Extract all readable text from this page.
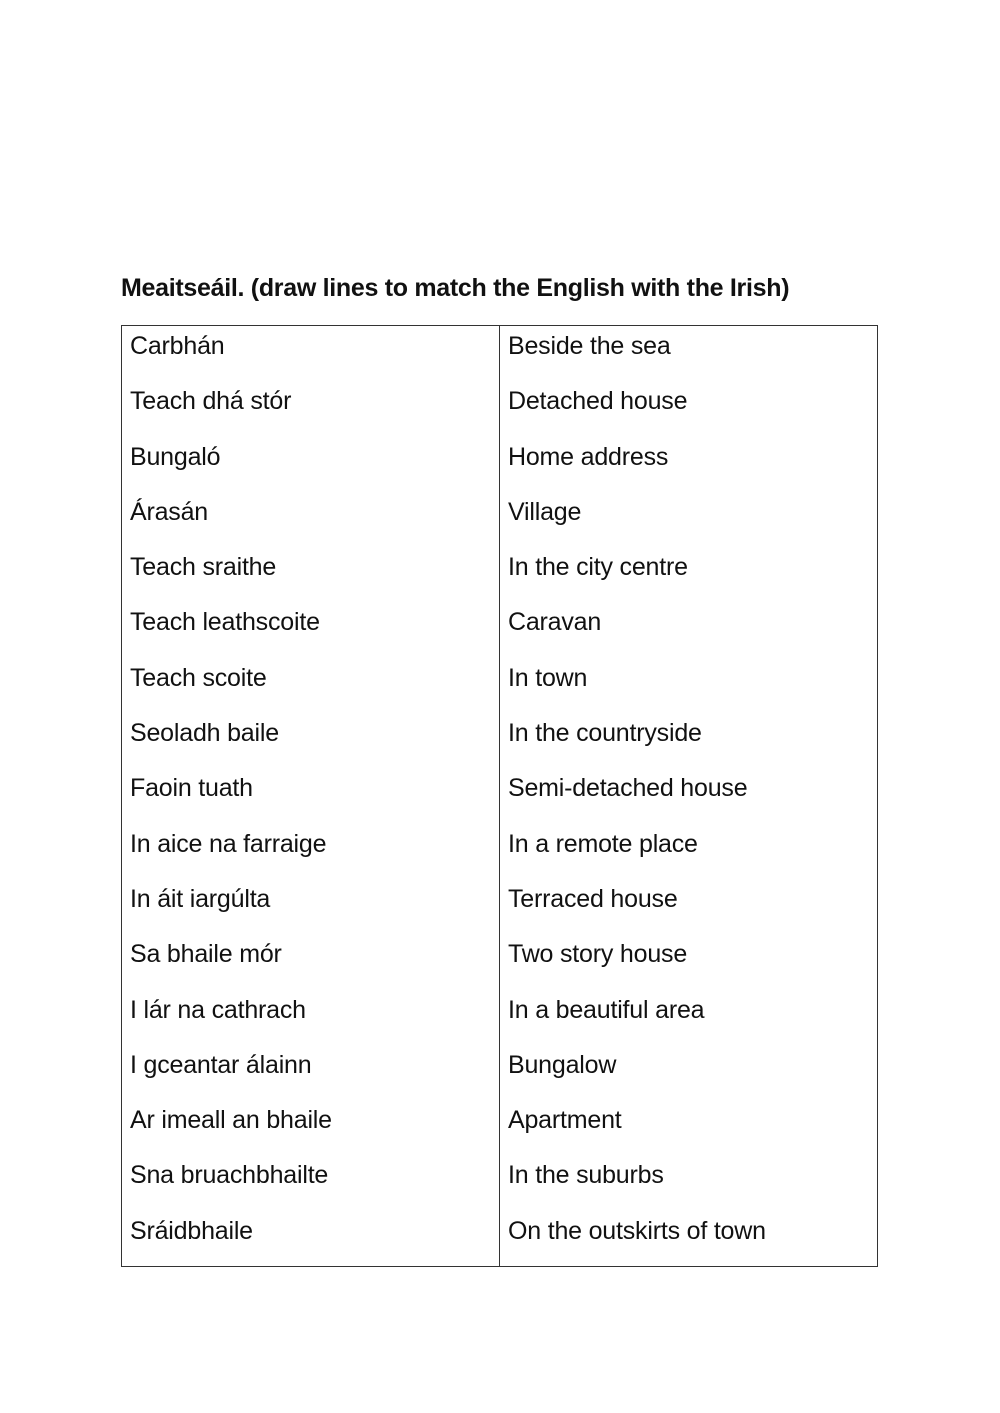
Meaitseáil. (draw lines to match the English with the Irish)
Carbhán
Teach dhá stór
Bungaló
Árasán
Teach sraithe
Teach leathscoite
Teach scoite
Seoladh baile
Faoin tuath
In aice na farraige
In áit iargúlta
Sa bhaile mór
I lár na cathrach
I gceantar álainn
Ar imeall an bhaile
Sna bruachbhailte
Sráidbhaile
Beside the sea
Detached house
Home address
Village
In the city centre
Caravan
In town
In the countryside
Semi-detached house
In a remote place
Terraced house
Two story house
In a beautiful area
Bungalow
Apartment
In the suburbs
On the outskirts of town
